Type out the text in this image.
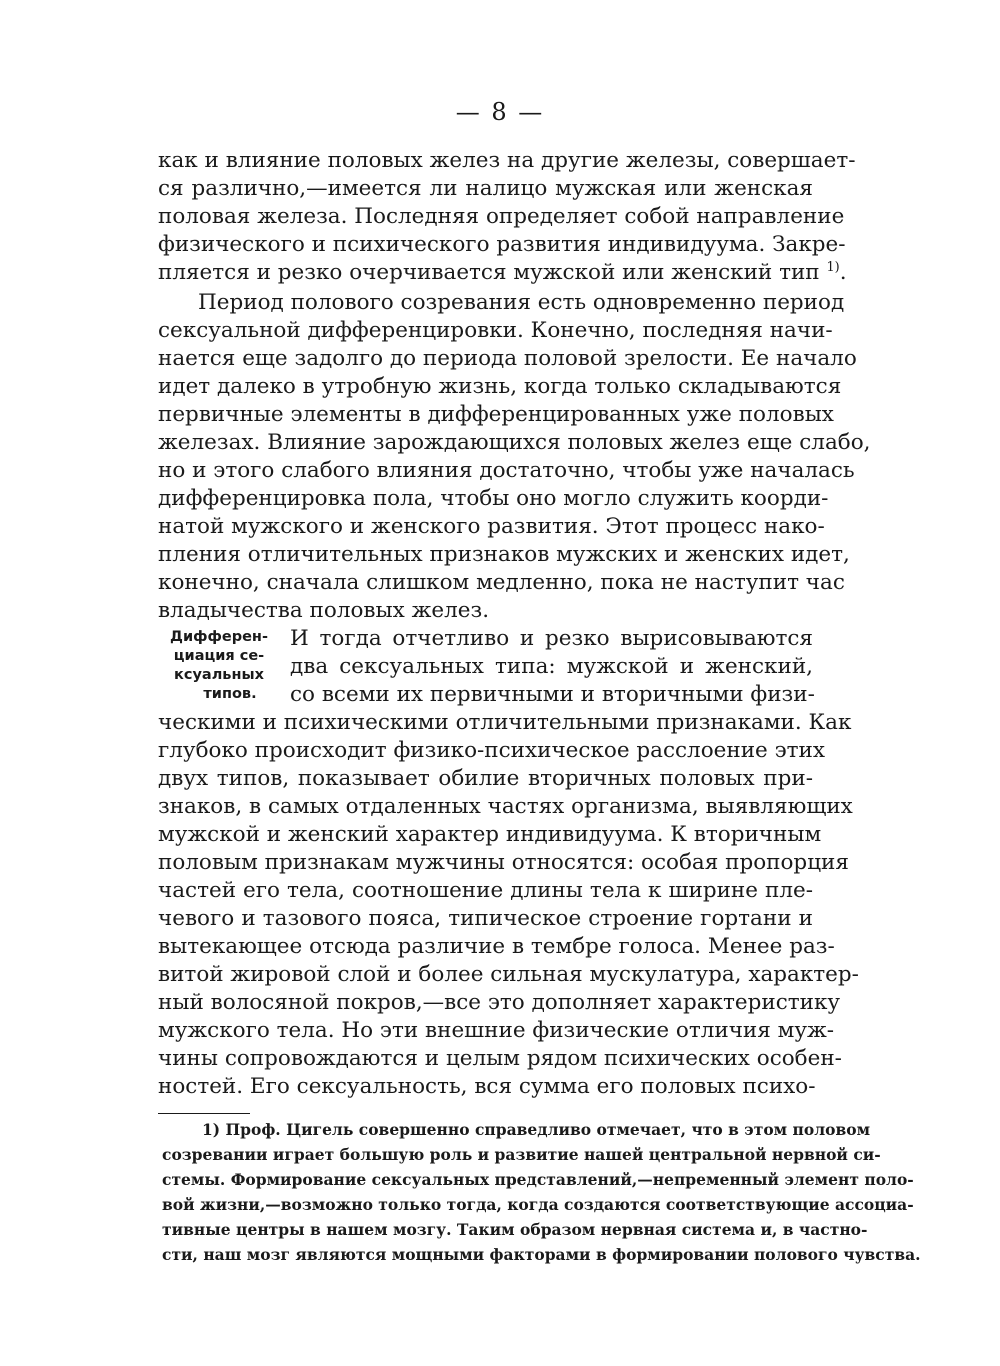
— 8 —
как и влияние половых желез на другие железы, совершает-
ся различно,—имеется ли налицо мужская или женская
половая железа. Последняя определяет собой направление
физического и психического развития индивидуума. Закре-
пляется и резко очерчивается мужской или женский тип $^{1)}$.
Период полового созревания есть одновременно период
сексуальной дифференцировки. Конечно, последняя начи-
нается еще задолго до периода половой зрелости. Ее начало
идет далеко в утробную жизнь, когда только складываются
первичные элементы в дифференцированных уже половых
железах. Влияние зарождающихся половых желез еще слабо,
но и этого слабого влияния достаточно, чтобы уже началась
дифференцировка пола, чтобы оно могло служить коорди-
натой мужского и женского развития. Этот процесс нако-
пления отличительных признаков мужских и женских идет,
конечно, сначала слишком медленно, пока не наступит час
владычества половых желез.
Дифферен-
циация се-
ксуальных
типов.
И тогда отчетливо и резко вырисовываются
два сексуальных типа: мужской и женский,
со всеми их первичными и вторичными физи-
ческими и психическими отличительными признаками. Как
глубоко происходит физико-психическое расслоение этих
двух типов, показывает обилие вторичных половых при-
знаков, в самых отдаленных частях организма, выявляющих
мужской и женский характер индивидуума. К вторичным
половым признакам мужчины относятся: особая пропорция
частей его тела, соотношение длины тела к ширине пле-
чевого и тазового пояса, типическое строение гортани и
вытекающее отсюда различие в тембре голоса. Менее раз-
витой жировой слой и более сильная мускулатура, характер-
ный волосяной покров,—все это дополняет характеристику
мужского тела. Но эти внешние физические отличия муж-
чины сопровождаются и целым рядом психических особен-
ностей. Его сексуальность, вся сумма его половых психо-
1) Проф. Цигель совершенно справедливо отмечает, что в этом половом
созревании играет большую роль и развитие нашей центральной нервной си-
стемы. Формирование сексуальных представлений,—непременный элемент поло-
вой жизни,—возможно только тогда, когда создаются соответствующие ассоциа-
тивные центры в нашем мозгу. Таким образом нервная система и, в частно-
сти, наш мозг являются мощными факторами в формировании полового чувства.
